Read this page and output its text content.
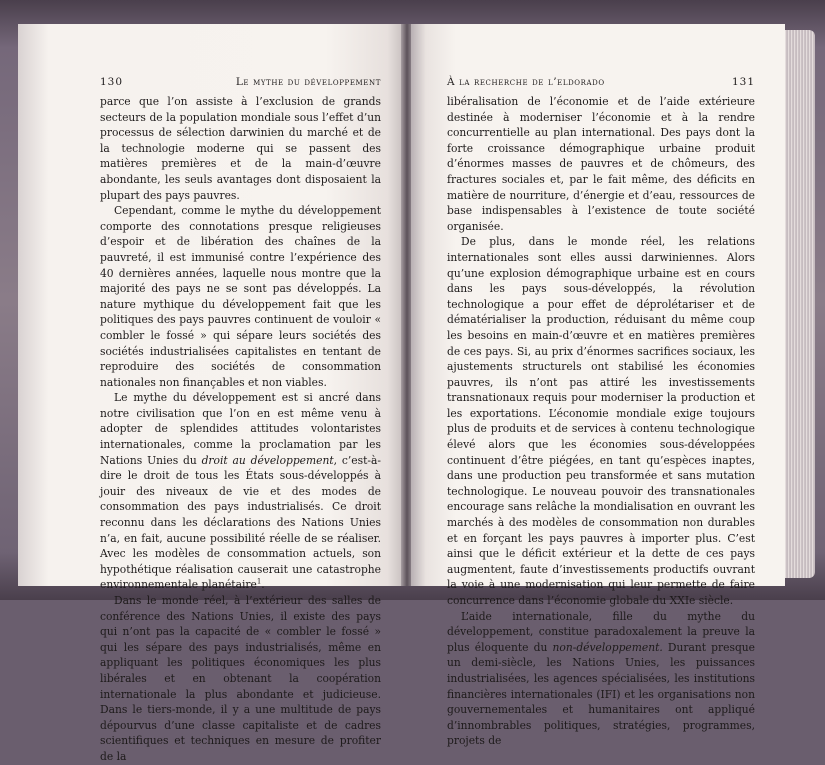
130	Le mythe du développement

parce que l’on assiste à l’exclusion de grands secteurs de la population mondiale sous l’effet d’un processus de sélection darwinien du marché et de la technologie moderne qui se passent des matières premières et de la main-d’œuvre abondante, les seuls avantages dont disposaient la plupart des pays pauvres.

Cependant, comme le mythe du développement comporte des connotations presque religieuses d’espoir et de libération des chaînes de la pauvreté, il est immunisé contre l’expérience des 40 dernières années, laquelle nous montre que la majorité des pays ne se sont pas développés. La nature mythique du développement fait que les politiques des pays pauvres continuent de vouloir « combler le fossé » qui sépare leurs sociétés des sociétés industrialisées capitalistes en tentant de reproduire des sociétés de consommation nationales non finançables et non viables.

Le mythe du développement est si ancré dans notre civilisation que l’on en est même venu à adopter de splendides attitudes volontaristes internationales, comme la proclamation par les Nations Unies du droit au développement, c’est-à-dire le droit de tous les États sous-développés à jouir des niveaux de vie et des modes de consommation des pays industrialisés. Ce droit reconnu dans les déclarations des Nations Unies n’a, en fait, aucune possibilité réelle de se réaliser. Avec les modèles de consommation actuels, son hypothétique réalisation causerait une catastrophe environnementale planétaire$^1$.

Dans le monde réel, à l’extérieur des salles de conférence des Nations Unies, il existe des pays qui n’ont pas la capacité de « combler le fossé » qui les sépare des pays industrialisés, même en appliquant les politiques économiques les plus libérales et en obtenant la coopération internationale la plus abondante et judicieuse. Dans le tiers-monde, il y a une multitude de pays dépourvus d’une classe capitaliste et de cadres scientifiques et techniques en mesure de profiter de la

À la recherche de l’eldorado	131

libéralisation de l’économie et de l’aide extérieure destinée à moderniser l’économie et à la rendre concurrentielle au plan international. Des pays dont la forte croissance démographique urbaine produit d’énormes masses de pauvres et de chômeurs, des fractures sociales et, par le fait même, des déficits en matière de nourriture, d’énergie et d’eau, ressources de base indispensables à l’existence de toute société organisée.

De plus, dans le monde réel, les relations internationales sont elles aussi darwiniennes. Alors qu’une explosion démographique urbaine est en cours dans les pays sous-développés, la révolution technologique a pour effet de déprolétariser et de dématérialiser la production, réduisant du même coup les besoins en main-d’œuvre et en matières premières de ces pays. Si, au prix d’énormes sacrifices sociaux, les ajustements structurels ont stabilisé les économies pauvres, ils n’ont pas attiré les investissements transnationaux requis pour moderniser la production et les exportations. L’économie mondiale exige toujours plus de produits et de services à contenu technologique élevé alors que les économies sous-développées continuent d’être piégées, en tant qu’espèces inaptes, dans une production peu transformée et sans mutation technologique. Le nouveau pouvoir des transnationales encourage sans relâche la mondialisation en ouvrant les marchés à des modèles de consommation non durables et en forçant les pays pauvres à importer plus. C’est ainsi que le déficit extérieur et la dette de ces pays augmentent, faute d’investissements productifs ouvrant la voie à une modernisation qui leur permette de faire concurrence dans l’économie globale du XXIe siècle.

L’aide internationale, fille du mythe du développement, constitue paradoxalement la preuve la plus éloquente du non-développement. Durant presque un demi-siècle, les Nations Unies, les puissances industrialisées, les agences spécialisées, les institutions financières internationales (IFI) et les organisations non gouvernementales et humanitaires ont appliqué d’innombrables politiques, stratégies, programmes, projets de
